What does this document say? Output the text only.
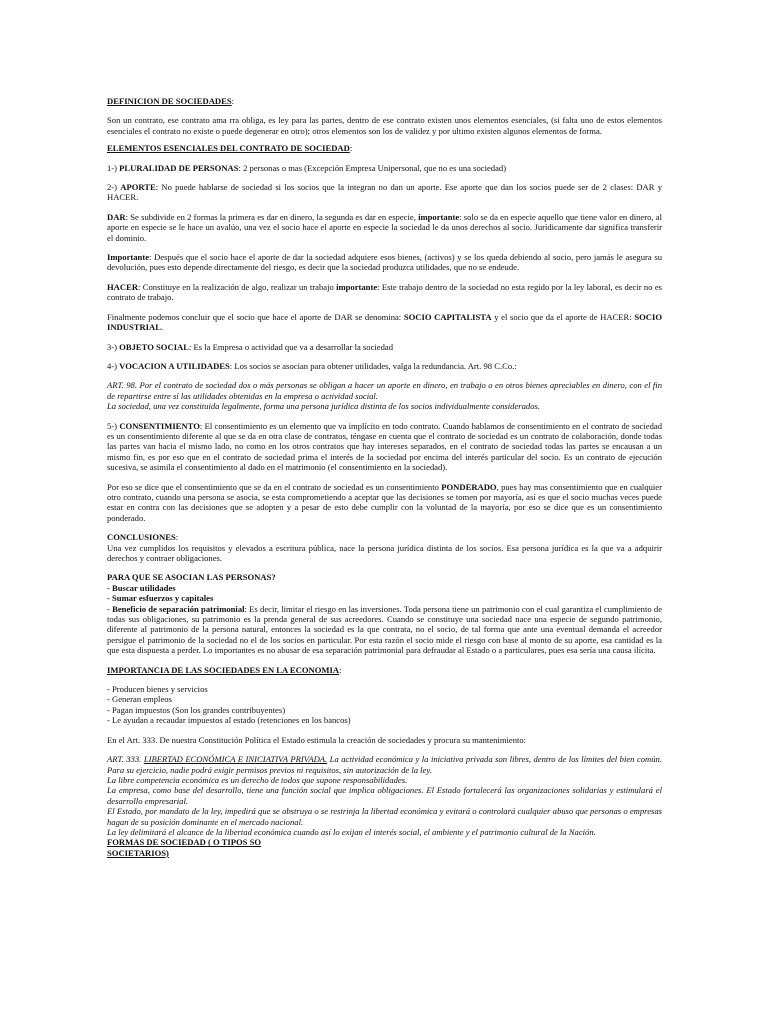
DEFINICION DE SOCIEDADES:

Son un contrato, ese contrato ama rra obliga, es ley para las partes, dentro de ese contrato existen unos elementos esenciales, (si falta uno de estos elementos esenciales el contrato no existe o puede degenerar en otro); otros elementos son los de validez y por ultimo existen algunos elementos de forma.

ELEMENTOS ESENCIALES DEL CONTRATO DE SOCIEDAD:

1-) PLURALIDAD DE PERSONAS: 2 personas o mas (Excepción Empresa Unipersonal, que no es una sociedad)

2-) APORTE: No puede hablarse de sociedad si los socios que la integran no dan un aporte. Ese aporte que dan los socios puede ser de 2 clases: DAR y HACER.

DAR: Se subdivide en 2 formas la primera es dar en dinero, la segunda es dar en especie, importante: solo se da en especie aquello que tiene valor en dinero, al aporte en especie se le hace un avalúo, una vez el socio hace el aporte en especie la sociedad le da unos derechos al socio. Jurídicamente dar significa transferir el dominio.

Importante: Después que el socio hace el aporte de dar la sociedad adquiere esos bienes, (activos) y se los queda debiendo al socio, pero jamás le asegura su devolución, pues esto depende directamente del riesgo, es decir que la sociedad produzca utilidades, que no se endeude.

HACER: Constituye en la realización de algo, realizar un trabajo importante: Este trabajo dentro de la sociedad no esta regido por la ley laboral, es decir no es contrato de trabajo.

Finalmente podemos concluir que el socio que hace el aporte de DAR se denomina: SOCIO CAPITALISTA y el socio que da el aporte de HACER: SOCIO INDUSTRIAL.

3-) OBJETO SOCIAL: Es la Empresa o actividad que va a desarrollar la sociedad

4-) VOCACION A UTILIDADES: Los socios se asocian para obtener utilidades, valga la redundancia. Art. 98 C.Co.:

ART. 98. Por el contrato de sociedad dos o más personas se obligan a hacer un aporte en dinero, en trabajo o en otros bienes apreciables en dinero, con el fin de repartirse entre sí las utilidades obtenidas en la empresa o actividad social.

La sociedad, una vez constituida legalmente, forma una persona jurídica distinta de los socios individualmente considerados.

5-) CONSENTIMIENTO: El consentimiento es un elemento que va implícito en todo contrato. Cuando hablamos de consentimiento en el contrato de sociedad es un consentimiento diferente al que se da en otra clase de contratos, téngase en cuenta que el contrato de sociedad es un contrato de colaboración, donde todas las partes van hacia el mismo lado, no como en los otros contratos que hay intereses separados, en el contrato de sociedad todas las partes se encausan a un mismo fin, es por eso que en el contrato de sociedad prima el interés de la sociedad por encima del interés particular del socio. Es un contrato de ejecución sucesiva, se asimila el consentimiento al dado en el matrimonio (el consentimiento en la sociedad).

Por eso se dice que el consentimiento que se da en el contrato de sociedad es un consentimiento PONDERADO, pues hay mas consentimiento que en cualquier otro contrato, cuando una persona se asocia, se esta comprometiendo a aceptar que las decisiones se tomen por mayoría, así es que el socio muchas veces puede estar en contra con las decisiones que se adopten y a pesar de esto debe cumplir con la voluntad de la mayoría, por eso se dice que es un consentimiento ponderado.

CONCLUSIONES:

Una vez cumplidos los requisitos y elevados a escritura pública, nace la persona jurídica distinta de los socios. Esa persona jurídica es la que va a adquirir derechos y contraer obligaciones.

PARA QUE SE ASOCIAN LAS PERSONAS?

- Buscar utilidades

- Sumar esfuerzos y capitales

- Beneficio de separación patrimonial: Es decir, limitar el riesgo en las inversiones. Toda persona tiene un patrimonio con el cual garantiza el cumplimiento de todas sus obligaciones, su patrimonio es la prenda general de sus acreedores. Cuando se constituye una sociedad nace una especie de segundo patrimonio, diferente al patrimonio de la persona natural, entonces la sociedad es la que contrata, no el socio, de tal forma que ante una eventual demanda el acreedor persigue el patrimonio de la sociedad no el de los socios en particular. Por esta razón el socio mide el riesgo con base al monto de su aporte, esa cantidad es la que esta dispuesta a perder. Lo importantes es no abusar de esa separación patrimonial para defraudar al Estado o a particulares, pues esa sería una causa ilícita.

IMPORTANCIA DE LAS SOCIEDADES EN LA ECONOMIA:

- Producen bienes y servicios
- Generan empleos
- Pagan impuestos (Son los grandes contribuyentes)
- Le ayudan a recaudar impuestos al estado (retenciones en los bancos)

En el Art. 333. De nuestra Constitución Política el Estado estimula la creación de sociedades y procura su mantenimiento:

ART. 333. LIBERTAD ECONÓMICA E INICIATIVA PRIVADA. La actividad económica y la iniciativa privada son libres, dentro de los límites del bien común. Para su ejercicio, nadie podrá exigir permisos previos ni requisitos, sin autorización de la ley.

La libre competencia económica es un derecho de todos que supone responsabilidades.

La empresa, como base del desarrollo, tiene una función social que implica obligaciones. El Estado fortalecerá las organizaciones solidarias y estimulará el desarrollo empresarial.

El Estado, por mandato de la ley, impedirá que se obstruya o se restrinja la libertad económica y evitará o controlará cualquier abuso que personas o empresas hagan de su posición dominante en el mercado nacional.

La ley delimitará el alcance de la libertad económica cuando así lo exijan el interés social, el ambiente y el patrimonio cultural de la Nación.

FORMAS DE SOCIEDAD ( O TIPOS SO

SOCIETARIOS)
